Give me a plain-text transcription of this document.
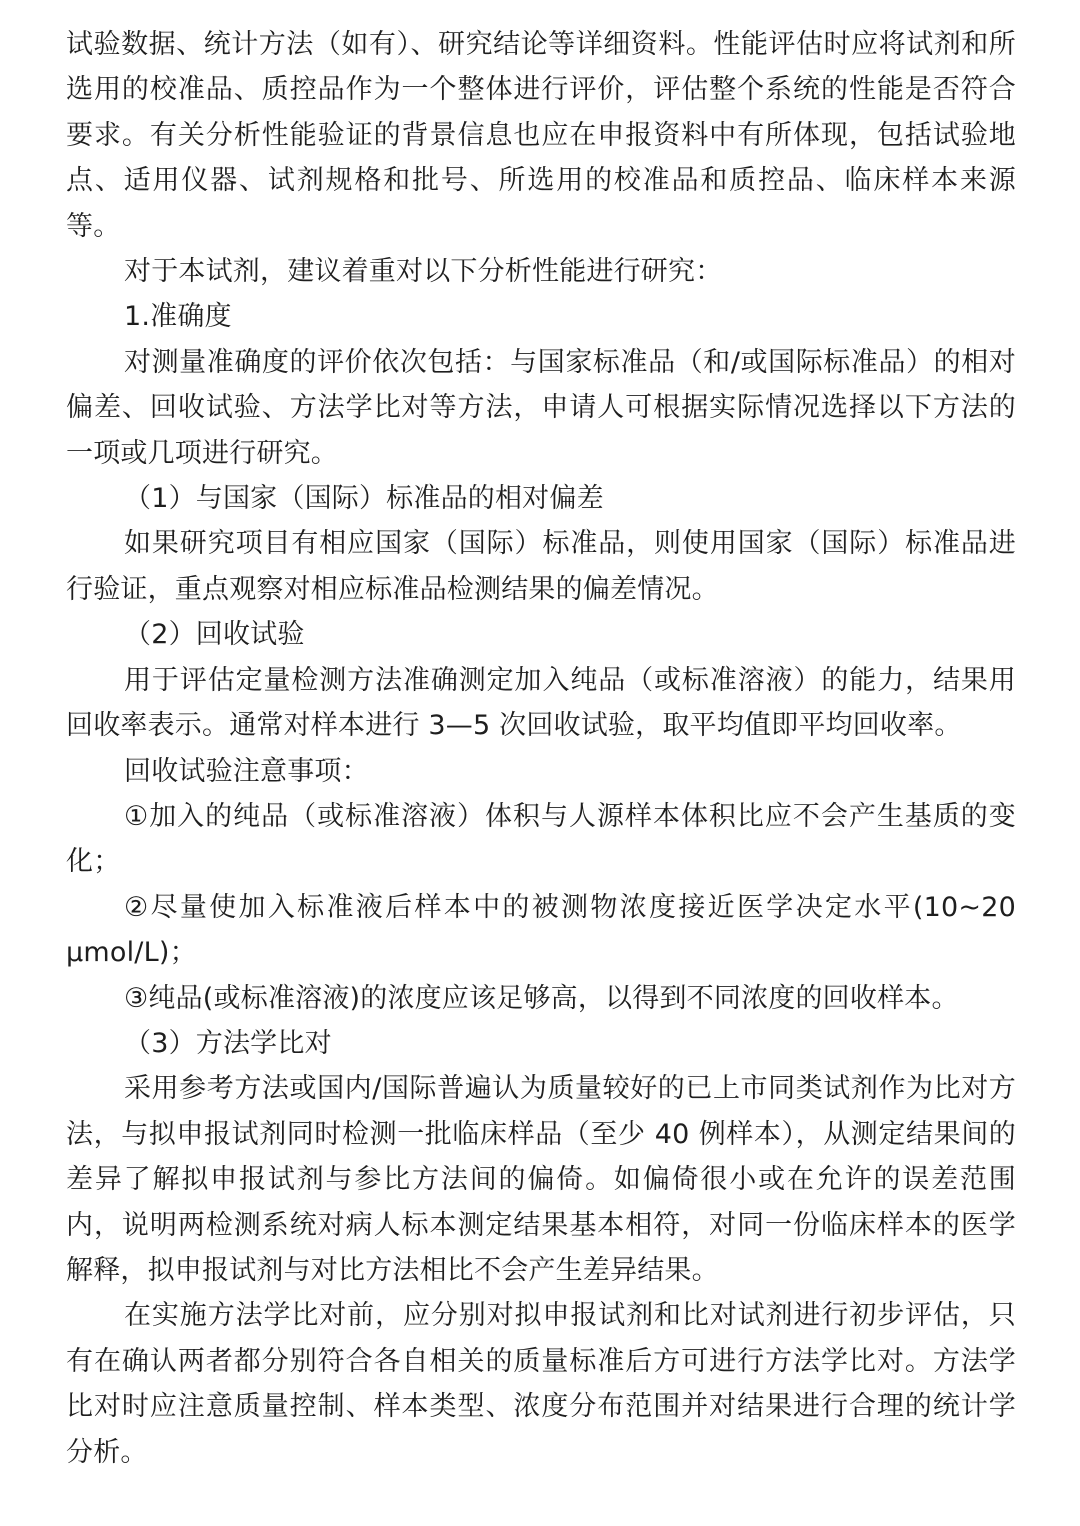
试验数据、统计方法（如有）、研究结论等详细资料。性能评估时应将试剂和所选用的校准品、质控品作为一个整体进行评价，评估整个系统的性能是否符合要求。有关分析性能验证的背景信息也应在申报资料中有所体现，包括试验地点、适用仪器、试剂规格和批号、所选用的校准品和质控品、临床样本来源等。

对于本试剂，建议着重对以下分析性能进行研究：

1.准确度

对测量准确度的评价依次包括：与国家标准品（和/或国际标准品）的相对偏差、回收试验、方法学比对等方法，申请人可根据实际情况选择以下方法的一项或几项进行研究。

（1）与国家（国际）标准品的相对偏差

如果研究项目有相应国家（国际）标准品，则使用国家（国际）标准品进行验证，重点观察对相应标准品检测结果的偏差情况。

（2）回收试验

用于评估定量检测方法准确测定加入纯品（或标准溶液）的能力，结果用回收率表示。通常对样本进行 3—5 次回收试验，取平均值即平均回收率。

回收试验注意事项：

①加入的纯品（或标准溶液）体积与人源样本体积比应不会产生基质的变化；

②尽量使加入标准液后样本中的被测物浓度接近医学决定水平(10~20 μmol/L)；

③纯品(或标准溶液)的浓度应该足够高，以得到不同浓度的回收样本。

（3）方法学比对

采用参考方法或国内/国际普遍认为质量较好的已上市同类试剂作为比对方法，与拟申报试剂同时检测一批临床样品（至少 40 例样本），从测定结果间的差异了解拟申报试剂与参比方法间的偏倚。如偏倚很小或在允许的误差范围内，说明两检测系统对病人标本测定结果基本相符，对同一份临床样本的医学解释，拟申报试剂与对比方法相比不会产生差异结果。

在实施方法学比对前，应分别对拟申报试剂和比对试剂进行初步评估，只有在确认两者都分别符合各自相关的质量标准后方可进行方法学比对。方法学比对时应注意质量控制、样本类型、浓度分布范围并对结果进行合理的统计学分析。
